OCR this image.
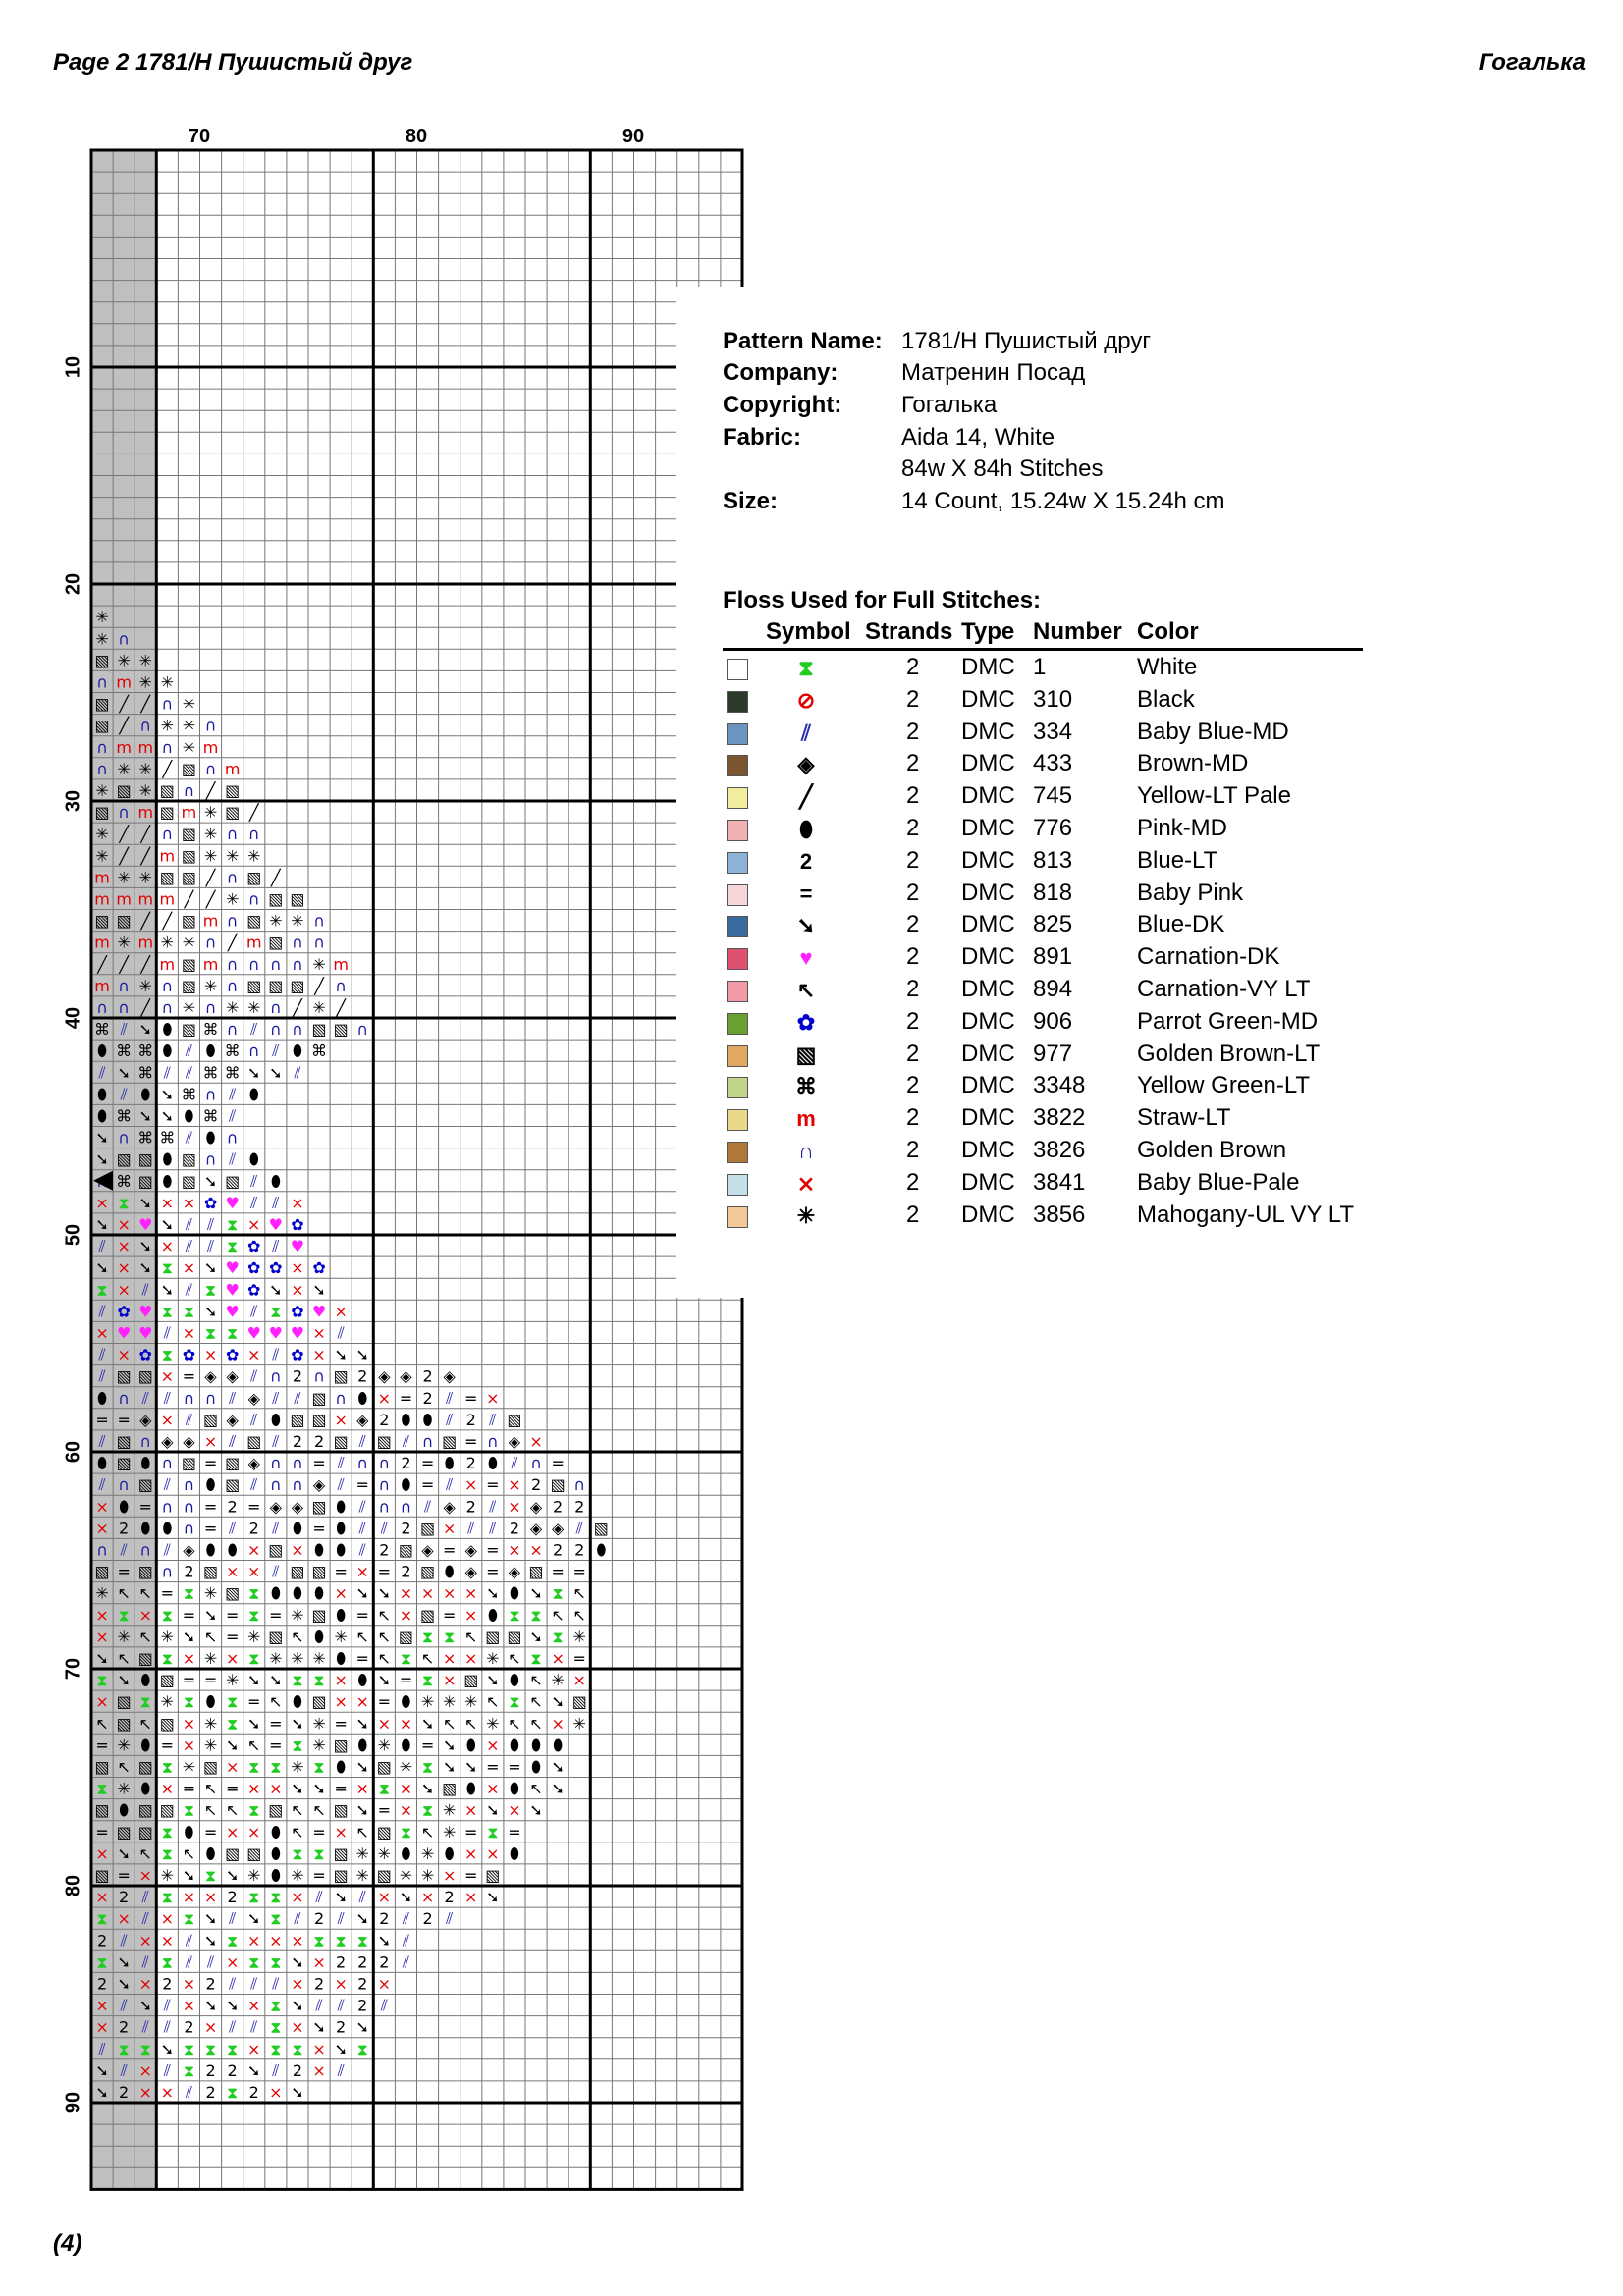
Page 2 1781/Н Пушистый друг	Гогалька
70	80	90
10
20
30
40
50
60
70
80
90
✳
✳ ∩
▧ ✳ ✳
∩ m ✳ ✳
▧ ╱ ╱ ∩ ✳
▧ ╱ ∩ ✳ ✳ ∩
∩ m m ∩ ✳ m
∩ ✳ ✳ ╱ ▧ ∩ m
✳ ▧ ✳ ▧ ∩ ╱ ▧
▧ ∩ m ▧ m ✳ ▧ ╱
✳ ╱ ╱ ∩ ▧ ✳ ∩ ∩
✳ ╱ ╱ m ▧ ✳ ✳ ✳
m ✳ ✳ ▧ ▧ ╱ ∩ ▧ ╱
m m m m ╱ ╱ ✳ ∩ ▧ ▧
▧ ▧ ╱ ╱ ▧ m ∩ ▧ ✳ ✳ ∩
m ✳ m ✳ ✳ ∩ ╱ m ▧ ∩ ∩
╱ ╱ ╱ m ▧ m ∩ ∩ ∩ ∩ ✳ m
m ∩ ✳ ∩ ▧ ✳ ∩ ▧ ▧ ▧ ╱ ∩
∩ ∩ ╱ ∩ ✳ ∩ ✳ ✳ ∩ ╱ ✳ ╱
⌘ ⫽ ➘ ⬮ ▧ ⌘ ∩ ⫽ ∩ ∩ ▧ ▧ ∩
⬮ ⌘ ⌘ ⬮ ⫽ ⬮ ⌘ ∩ ⫽ ⬮ ⌘
⫽ ➘ ⌘ ⫽ ⫽ ⌘ ⌘ ➘ ➘ ⫽
⬮ ⫽ ⬮ ➘ ⌘ ∩ ⫽ ⬮
⬮ ⌘ ➘ ➘ ⬮ ⌘ ⫽
➘ ∩ ⌘ ⌘ ⫽ ⬮ ∩
➘ ▧ ▧ ⬮ ▧ ∩ ⫽ ⬮
⌘ ▧ ⬮ ▧ ➘ ▧ ⫽ ⬮
⨯ ⧗ ➘ ⨯ ⨯ ✿ ♥ ⫽ ⫽ ⨯
➘ ⨯ ♥ ➘ ⫽ ⫽ ⧗ ⨯ ♥ ✿
⫽ ⨯ ➘ ⨯ ⫽ ⫽ ⧗ ✿ ⫽ ♥
➘ ⨯ ➘ ⧗ ⨯ ➘ ♥ ✿ ✿ ⨯ ✿
⧗ ⨯ ⫽ ➘ ⫽ ⧗ ♥ ✿ ➘ ⨯ ➘
⫽ ✿ ♥ ⧗ ⧗ ➘ ♥ ⫽ ⧗ ✿ ♥ ⨯
⨯ ♥ ♥ ⫽ ⨯ ⧗ ⧗ ♥ ♥ ♥ ⨯ ⫽
⫽ ⨯ ✿ ⧗ ✿ ⨯ ✿ ⨯ ⫽ ✿ ⨯ ➘ ➘
⫽ ▧ ▧ ⨯ = ◈ ◈ ⫽ ∩ 2 ∩ ▧ 2 ◈ ◈ 2 ◈
⬮ ∩ ⫽ ⫽ ∩ ∩ ⫽ ◈ ⫽ ⫽ ▧ ∩ ⬮ ⨯ = 2 ⫽ = ⨯
= = ◈ ⨯ ⫽ ▧ ◈ ⫽ ⬮ ▧ ▧ ⨯ ◈ 2 ⬮ ⬮ ⫽ 2 ⫽ ▧
⫽ ▧ ∩ ◈ ◈ ⨯ ⫽ ▧ ⫽ 2 2 ▧ ⫽ ▧ ⫽ ∩ ▧ = ∩ ◈ ⨯
⬮ ▧ ⬮ ∩ ▧ = ▧ ◈ ∩ ∩ = ⫽ ∩ ∩ 2 = ⬮ 2 ⬮ ⫽ ∩ =
⫽ ∩ ▧ ⫽ ∩ ⬮ ▧ ⫽ ∩ ∩ ◈ ⫽ = ∩ ⬮ = ⫽ ⨯ = ⨯ 2 ▧ ∩
⨯ ⬮ = ∩ ∩ = 2 = ◈ ◈ ▧ ⬮ ⫽ ∩ ∩ ⫽ ◈ 2 ⫽ ⨯ ◈ 2 2
⨯ 2 ⬮ ⬮ ∩ = ⫽ 2 ⫽ ⬮ = ⬮ ⫽ ⫽ 2 ▧ ⨯ ⫽ ⫽ 2 ◈ ◈ ⫽ ▧
∩ ⫽ ∩ ⫽ ◈ ⬮ ⬮ ⨯ ▧ ⨯ ⬮ ⬮ ⫽ 2 ▧ ◈ = ◈ = ⨯ ⨯ 2 2 ⬮
▧ = ▧ ∩ 2 ▧ ⨯ ⨯ ⫽ ▧ ▧ = ⨯ = 2 ▧ ⬮ ◈ = ◈ ▧ = =
✳ ↖ ↖ = ⧗ ✳ ▧ ⧗ ⬮ ⬮ ⬮ ⨯ ➘ ➘ ⨯ ⨯ ⨯ ⨯ ➘ ⬮ ➘ ⧗ ↖
⨯ ⧗ ⨯ ⧗ = ➘ = ⧗ = ✳ ▧ ⬮ = ↖ ⨯ ▧ = ⨯ ⬮ ⧗ ⧗ ↖ ↖
⨯ ✳ ↖ ✳ ➘ ↖ = ✳ ▧ ↖ ⬮ ✳ ↖ ↖ ▧ ⧗ ⧗ ↖ ▧ ▧ ➘ ⧗ ✳
➘ ↖ ▧ ⧗ ⨯ ✳ ⨯ ⧗ ✳ ✳ ✳ ⬮ = ↖ ⧗ ↖ ⨯ ⨯ ✳ ↖ ⧗ ⨯ =
⧗ ➘ ⬮ ▧ = = ✳ ➘ ➘ ⧗ ⧗ ⨯ ⬮ ➘ = ⧗ ⨯ ▧ ➘ ⬮ ↖ ✳ ⨯
⨯ ▧ ⧗ ✳ ⧗ ⬮ ⧗ = ↖ ⬮ ▧ ⨯ ⨯ = ⬮ ✳ ✳ ✳ ↖ ⧗ ↖ ➘ ▧
↖ ▧ ↖ ▧ ⨯ ✳ ⧗ ➘ = ➘ ✳ = ➘ ⨯ ⨯ ➘ ↖ ↖ ✳ ↖ ↖ ⨯ ✳
= ✳ ⬮ = ⨯ ✳ ➘ ↖ = ⧗ ✳ ▧ ⬮ ✳ ⬮ = ➘ ⬮ ⨯ ⬮ ⬮ ⬮
▧ ↖ ▧ ⧗ ✳ ▧ ⨯ ⧗ ⧗ ✳ ⧗ ⬮ ➘ ▧ ✳ ⧗ ➘ ➘ = = ⬮ ➘
⧗ ✳ ⬮ ⨯ = ↖ = ⨯ ⨯ ➘ ➘ = ⨯ ⧗ ⨯ ➘ ▧ ⬮ ⨯ ⬮ ↖ ➘
▧ ⬮ ▧ ▧ ⧗ ↖ ↖ ⧗ ▧ ↖ ↖ ▧ ➘ = ⨯ ⧗ ✳ ⨯ ➘ ⨯ ➘
= ▧ ▧ ⧗ ⬮ = ⨯ ⨯ ⬮ ↖ = ⨯ ↖ ▧ ⧗ ↖ ✳ = ⧗ =
⨯ ➘ ↖ ⧗ ↖ ⬮ ▧ ▧ ⬮ ⧗ ⧗ ▧ ✳ ✳ ⬮ ✳ ⬮ ⨯ ⨯ ⬮
▧ = ⨯ ✳ ➘ ⧗ ➘ ✳ ⬮ ✳ = ▧ ✳ ▧ ✳ ✳ ⨯ = ▧
⨯ 2 ⫽ ⧗ ⨯ ⨯ 2 ⧗ ⧗ ⨯ ⫽ ➘ ⫽ ⨯ ➘ ⨯ 2 ⨯ ➘
⧗ ⨯ ⫽ ⨯ ⧗ ➘ ⫽ ➘ ⧗ ⫽ 2 ⫽ ➘ 2 ⫽ 2 ⫽
2 ⫽ ⨯ ⨯ ⫽ ➘ ⧗ ⨯ ⨯ ⨯ ⧗ ⧗ ⧗ ➘ ⫽
⧗ ➘ ⫽ ⧗ ⫽ ⫽ ⨯ ⧗ ⧗ ➘ ⨯ 2 2 2 ⫽
2 ➘ ⨯ 2 ⨯ 2 ⫽ ⫽ ⫽ ⨯ 2 ⨯ 2 ⨯
⨯ ⫽ ➘ ⫽ ⨯ ➘ ➘ ⨯ ⧗ ➘ ⫽ ⫽ 2 ⫽
⨯ 2 ⫽ ⫽ 2 ⨯ ⫽ ⫽ ⧗ ⨯ ➘ 2 ➘
⫽ ⧗ ⧗ ➘ ⧗ ⧗ ⧗ ⨯ ⧗ ⧗ ⨯ ➘ ⧗
➘ ⫽ ⨯ ⫽ ⧗ 2 2 ➘ ⫽ 2 ⨯ ⫽
➘ 2 ⨯ ⨯ ⫽ 2 ⧗ 2 ⨯ ➘
Pattern Name: 1781/Н Пушистый друг
Company:	Матренин Посад
Copyright:	Гогалька
Fabric:	Aida 14, White
84w X 84h Stitches
Size:	14 Count, 15.24w X 15.24h cm
Floss Used for Full Stitches:
Symbol Strands Type Number Color
⧗	2 DMC 1	White
⊘	2 DMC 310	Black
⫽	2 DMC 334	Baby Blue-MD
◈	2 DMC 433	Brown-MD
╱	2 DMC 745	Yellow-LT Pale
⬮	2 DMC 776	Pink-MD
2	2 DMC 813	Blue-LT
=	2 DMC 818	Baby Pink
➘	2 DMC 825	Blue-DK
♥	2 DMC 891	Carnation-DK
↖	2 DMC 894	Carnation-VY LT
✿	2 DMC 906	Parrot Green-MD
▧	2 DMC 977	Golden Brown-LT
⌘	2 DMC 3348 Yellow Green-LT
m	2 DMC 3822 Straw-LT
∩	2 DMC 3826 Golden Brown
⨯	2 DMC 3841 Baby Blue-Pale
✳	2 DMC 3856 Mahogany-UL VY LT
(4)
